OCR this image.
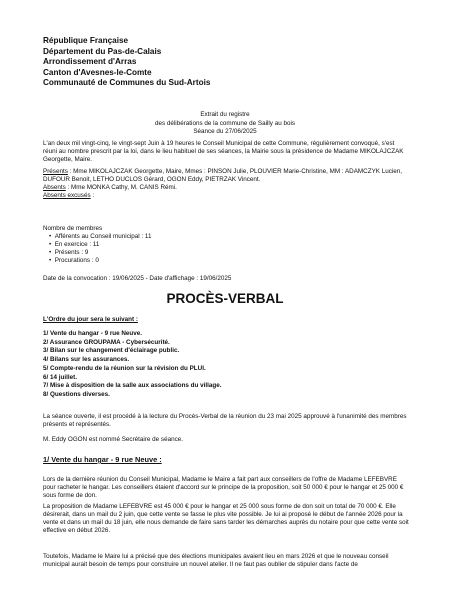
République Française
Département du Pas-de-Calais
Arrondissement d'Arras
Canton d'Avesnes-le-Comte
Communauté de Communes du Sud-Artois
Extrait du registre
des délibérations de la commune de Sailly au bois
Séance du 27/06/2025
L'an deux mil vingt-cinq, le vingt-sept Juin à 19 heures le Conseil Municipal de cette Commune, régulièrement convoqué, s'est réuni au nombre prescrit par la loi, dans le lieu habituel de ses séances, la Mairie sous la présidence de Madame MIKOLAJCZAK Georgette, Maire.
Présents : Mme MIKOLAJCZAK Georgette, Maire, Mmes : PINSON Julie, PLOUVIER Marie-Christine, MM : ADAMCZYK Lucien, DUFOUR Benoit, LETHO DUCLOS Gérard, OGON Eddy, PIETRZAK Vincent.
Absents : Mme MONKA Cathy, M. CANIS Rémi.
Absents excusés :
Nombre de membres
•  Afférents au Conseil municipal : 11
•  En exercice : 11
•  Présents : 9
•  Procurations : 0
Date de la convocation : 19/06/2025 - Date d'affichage : 19/06/2025
PROCÈS-VERBAL
L'Ordre du jour sera le suivant :
1/ Vente du hangar - 9 rue Neuve.
2/ Assurance GROUPAMA - Cybersécurité.
3/ Bilan sur le changement d'éclairage public.
4/ Bilans sur les assurances.
5/ Compte-rendu de la réunion sur la révision du PLUI.
6/ 14 juillet.
7/ Mise à disposition de la salle aux associations du village.
8/ Questions diverses.
La séance ouverte, il est procédé à la lecture du Procès-Verbal de la réunion du 23 mai 2025 approuvé à l'unanimité des membres présents et représentés.
M. Eddy OGON est nommé Secrétaire de séance.
1/ Vente du hangar - 9 rue Neuve :
Lors de la dernière réunion du Conseil Municipal, Madame le Maire a fait part aux conseillers de l'offre de Madame LEFEBVRE pour racheter le hangar. Les conseillers étaient d'accord sur le principe de la proposition, soit 50 000 € pour le hangar et 25 000 € sous forme de don.
La proposition de Madame LEFEBVRE est 45 000 € pour le hangar et 25 000 sous forme de don soit un total de 70 000 €. Elle désirerait, dans un mail du 2 juin, que cette vente se fasse le plus vite possible. Je lui ai proposé le début de l'année 2026 pour la vente et dans un mail du 18 juin, elle nous demande de faire sans tarder les démarches auprès du notaire pour que cette vente soit effective en début 2026.
Toutefois, Madame le Maire lui a précisé que des élections municipales avaient lieu en mars 2026 et que le nouveau conseil municipal aurait besoin de temps pour construire un nouvel atelier. Il ne faut pas oublier de stipuler dans l'acte de
